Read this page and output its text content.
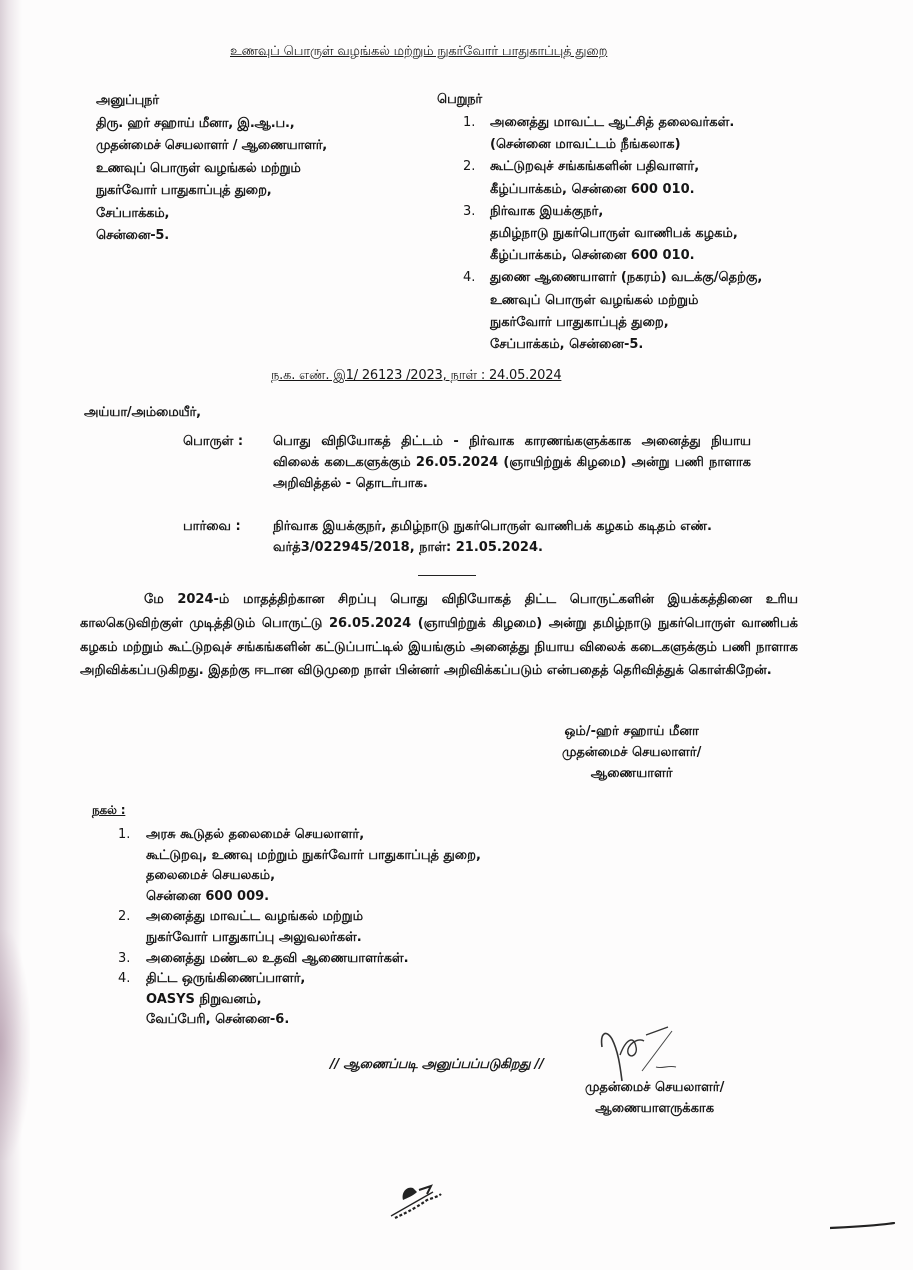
உணவுப் பொருள் வழங்கல் மற்றும் நுகர்வோர் பாதுகாப்புத் துறை
அனுப்புநர்
திரு. ஹர் சஹாய் மீனா, இ.ஆ.ப.,
முதன்மைச் செயலாளர் / ஆணையாளர்,
உணவுப் பொருள் வழங்கல் மற்றும்
நுகர்வோர் பாதுகாப்புத் துறை,
சேப்பாக்கம்,
சென்னை-5.
பெறுநர்
1.	அனைத்து மாவட்ட ஆட்சித் தலைவர்கள்.
(சென்னை மாவட்டம் நீங்கலாக)
2.	கூட்டுறவுச் சங்கங்களின் பதிவாளர்,
கீழ்ப்பாக்கம், சென்னை 600 010.
3.	நிர்வாக இயக்குநர்,
தமிழ்நாடு நுகர்பொருள் வாணிபக் கழகம்,
கீழ்ப்பாக்கம், சென்னை 600 010.
4.	துணை ஆணையாளர் (நகரம்) வடக்கு/தெற்கு,
உணவுப் பொருள் வழங்கல் மற்றும்
நுகர்வோர் பாதுகாப்புத் துறை,
சேப்பாக்கம், சென்னை-5.
ந.க. எண். இ1/ 26123 /2023, நாள் : 24.05.2024
அய்யா/அம்மையீர்,
பொருள் : பொது விநியோகத் திட்டம் - நிர்வாக காரணங்களுக்காக அனைத்து நியாய விலைக் கடைகளுக்கும் 26.05.2024 (ஞாயிற்றுக் கிழமை) அன்று பணி நாளாக அறிவித்தல் - தொடர்பாக.
பார்வை : நிர்வாக இயக்குநர், தமிழ்நாடு நுகர்பொருள் வாணிபக் கழகம் கடிதம் எண். வர்த்3/022945/2018, நாள்: 21.05.2024.
மே 2024-ம் மாதத்திற்கான சிறப்பு பொது விநியோகத் திட்ட பொருட்களின் இயக்கத்தினை உரிய காலகெடுவிற்குள் முடித்திடும் பொருட்டு 26.05.2024 (ஞாயிற்றுக் கிழமை) அன்று தமிழ்நாடு நுகர்பொருள் வாணிபக் கழகம் மற்றும் கூட்டுறவுச் சங்கங்களின் கட்டுப்பாட்டில் இயங்கும் அனைத்து நியாய விலைக் கடைகளுக்கும் பணி நாளாக அறிவிக்கப்படுகிறது. இதற்கு ஈடான விடுமுறை நாள் பின்னர் அறிவிக்கப்படும் என்பதைத் தெரிவித்துக் கொள்கிறேன்.
ஒம்/-ஹர் சஹாய் மீனா
முதன்மைச் செயலாளர்/
ஆணையாளர்
நகல் :
1.	அரசு கூடுதல் தலைமைச் செயலாளர்,
கூட்டுறவு, உணவு மற்றும் நுகர்வோர் பாதுகாப்புத் துறை,
தலைமைச் செயலகம்,
சென்னை 600 009.
2.	அனைத்து மாவட்ட வழங்கல் மற்றும்
நுகர்வோர் பாதுகாப்பு அலுவலர்கள்.
3.	அனைத்து மண்டல உதவி ஆணையாளர்கள்.
4.	திட்ட ஒருங்கிணைப்பாளர்,
OASYS நிறுவனம்,
வேப்பேரி, சென்னை-6.
// ஆணைப்படி அனுப்பப்படுகிறது //
முதன்மைச் செயலாளர்/
ஆணையாளருக்காக
